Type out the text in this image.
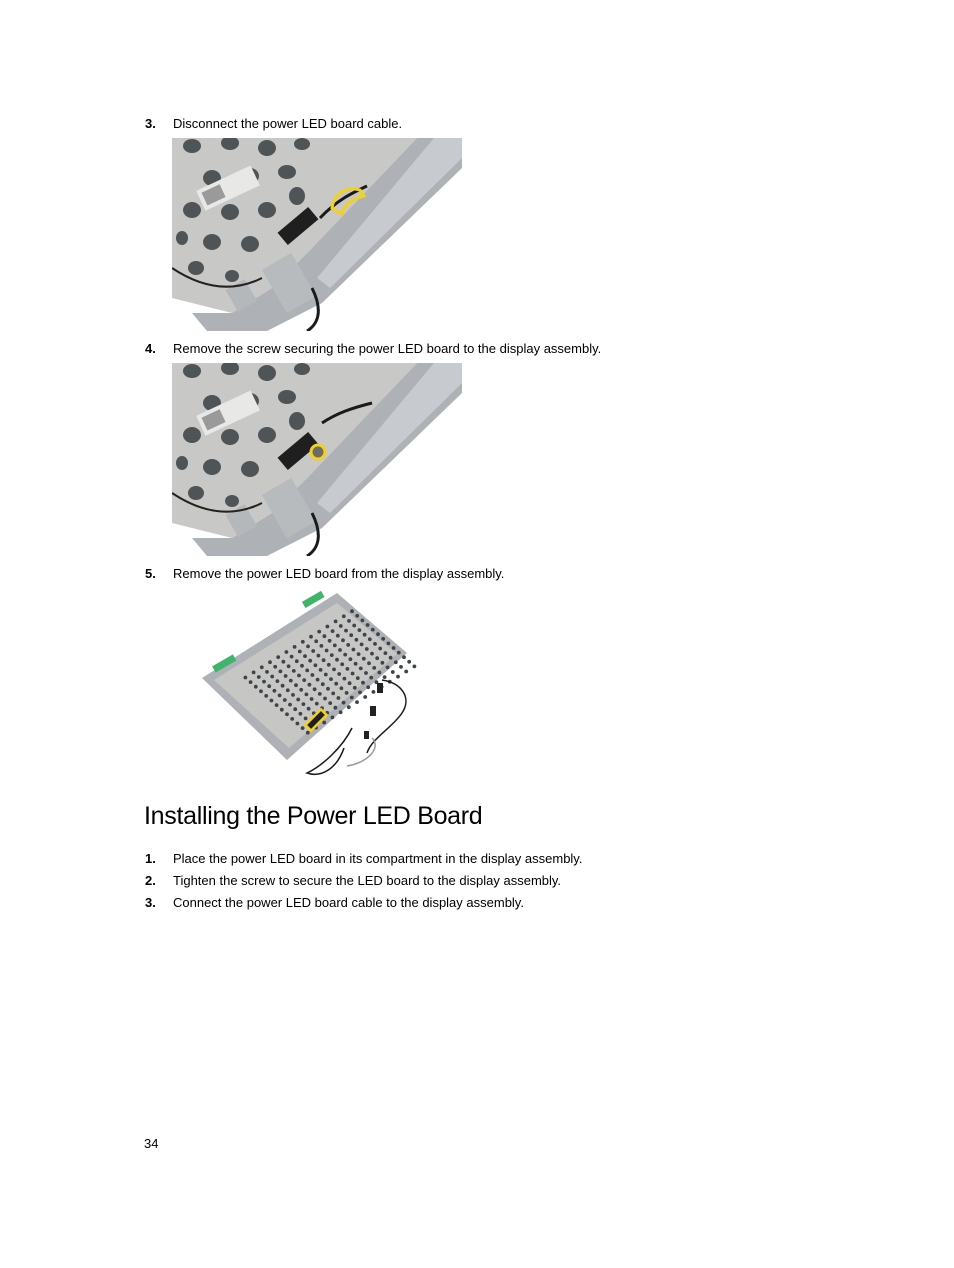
3. Disconnect the power LED board cable.
4. Remove the screw securing the power LED board to the display assembly.
5. Remove the power LED board from the display assembly.
Installing the Power LED Board
1. Place the power LED board in its compartment in the display assembly.
2. Tighten the screw to secure the LED board to the display assembly.
3. Connect the power LED board cable to the display assembly.
34
